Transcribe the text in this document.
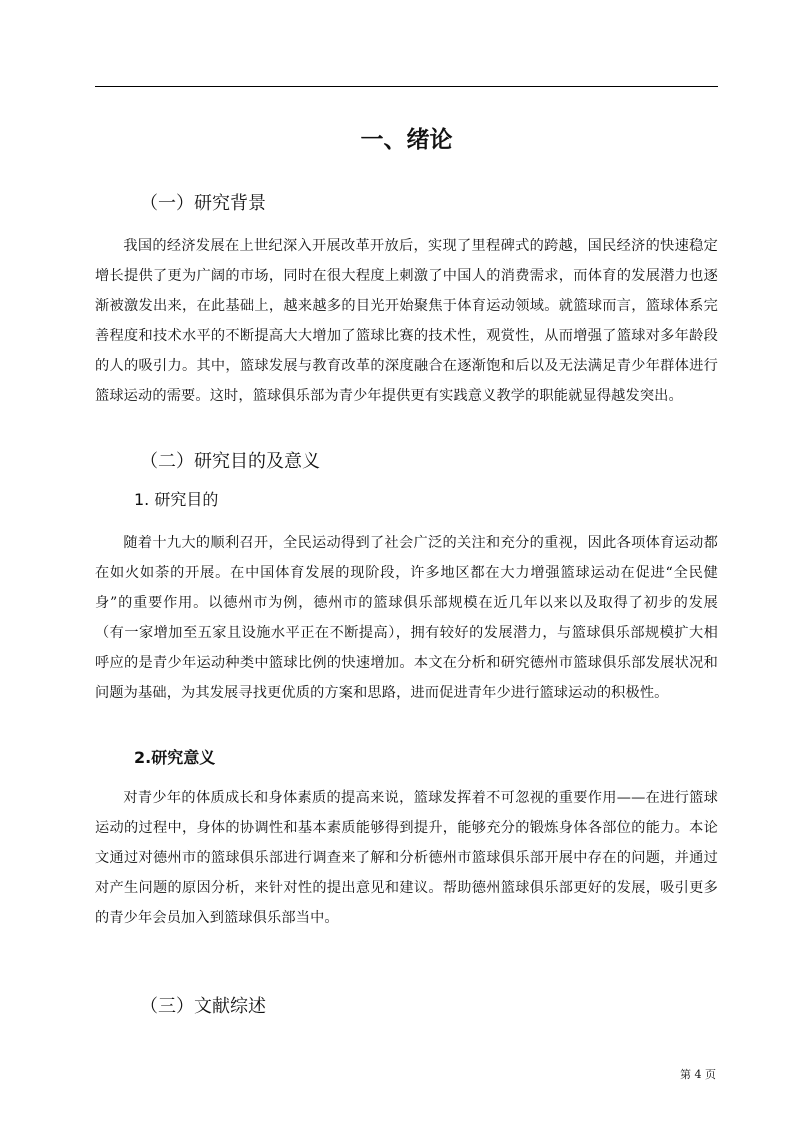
一、绪论
（一）研究背景

我国的经济发展在上世纪深入开展改革开放后，实现了里程碑式的跨越，国民经济的快速稳定增长提供了更为广阔的市场，同时在很大程度上刺激了中国人的消费需求，而体育的发展潜力也逐渐被激发出来，在此基础上，越来越多的目光开始聚焦于体育运动领域。就篮球而言，篮球体系完善程度和技术水平的不断提高大大增加了篮球比赛的技术性，观赏性，从而增强了篮球对多年龄段的人的吸引力。其中，篮球发展与教育改革的深度融合在逐渐饱和后以及无法满足青少年群体进行篮球运动的需要。这时，篮球俱乐部为青少年提供更有实践意义教学的职能就显得越发突出。

（二）研究目的及意义
1. 研究目的

随着十九大的顺利召开，全民运动得到了社会广泛的关注和充分的重视，因此各项体育运动都在如火如荼的开展。在中国体育发展的现阶段，许多地区都在大力增强篮球运动在促进“全民健身”的重要作用。以德州市为例，德州市的篮球俱乐部规模在近几年以来以及取得了初步的发展（有一家增加至五家且设施水平正在不断提高），拥有较好的发展潜力，与篮球俱乐部规模扩大相呼应的是青少年运动种类中篮球比例的快速增加。本文在分析和研究德州市篮球俱乐部发展状况和问题为基础，为其发展寻找更优质的方案和思路，进而促进青年少进行篮球运动的积极性。

2.研究意义

对青少年的体质成长和身体素质的提高来说，篮球发挥着不可忽视的重要作用——在进行篮球运动的过程中，身体的协调性和基本素质能够得到提升，能够充分的锻炼身体各部位的能力。本论文通过对德州市的篮球俱乐部进行调查来了解和分析德州市篮球俱乐部开展中存在的问题，并通过对产生问题的原因分析，来针对性的提出意见和建议。帮助德州篮球俱乐部更好的发展，吸引更多的青少年会员加入到篮球俱乐部当中。

（三）文献综述
第 4 页
